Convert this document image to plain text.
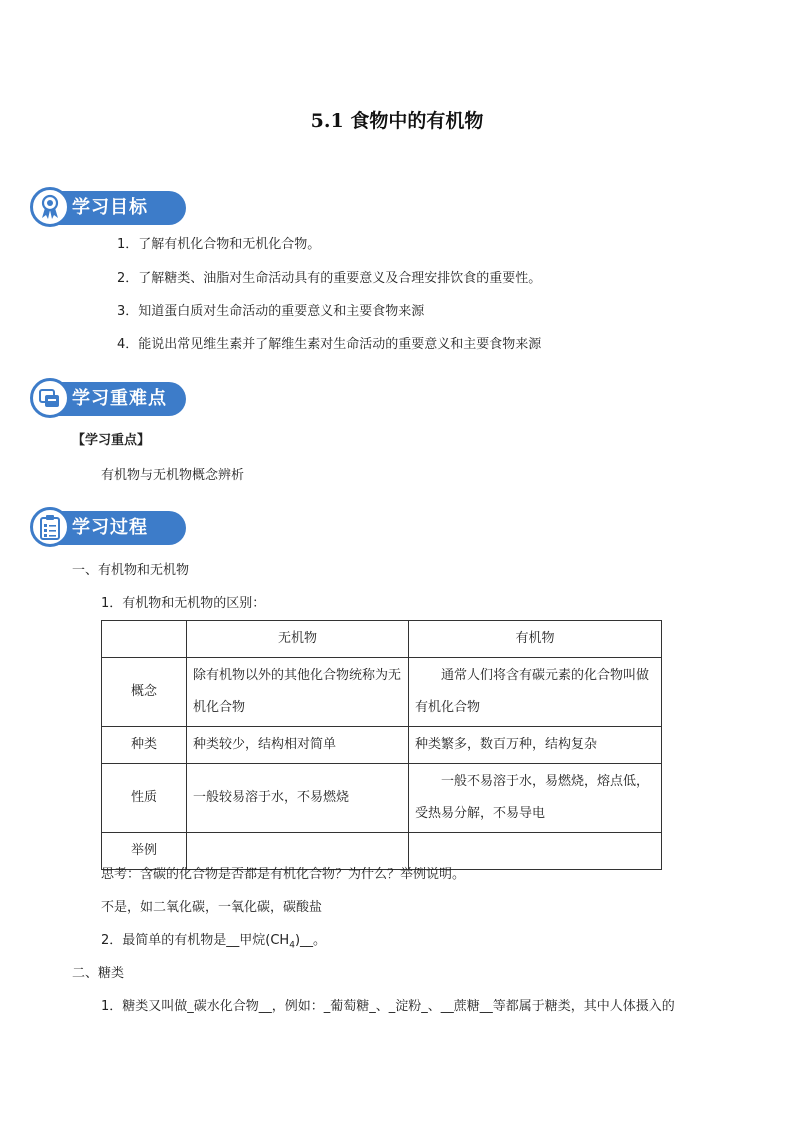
5.1 食物中的有机物
学习目标
1．了解有机化合物和无机化合物。
2．了解糖类、油脂对生命活动具有的重要意义及合理安排饮食的重要性。
3．知道蛋白质对生命活动的重要意义和主要食物来源
4．能说出常见维生素并了解维生素对生命活动的重要意义和主要食物来源
学习重难点
【学习重点】
有机物与无机物概念辨析
学习过程
一、有机物和无机物
1．有机物和无机物的区别：
	无机物	有机物
概念	除有机物以外的其他化合物统称为无机化合物	通常人们将含有碳元素的化合物叫做有机化合物
种类	种类较少，结构相对简单	种类繁多，数百万种，结构复杂
性质	一般较易溶于水，不易燃烧	一般不易溶于水，易燃烧，熔点低，受热易分解，不易导电
举例		
思考：含碳的化合物是否都是有机化合物？为什么？举例说明。
不是，如二氧化碳，一氧化碳，碳酸盐
2．最简单的有机物是__甲烷$(CH_4)\_\_$。
二、糖类
1．糖类又叫做_碳水化合物__，例如：_葡萄糖_、_淀粉_、__蔗糖__等都属于糖类，其中人体摄入的
